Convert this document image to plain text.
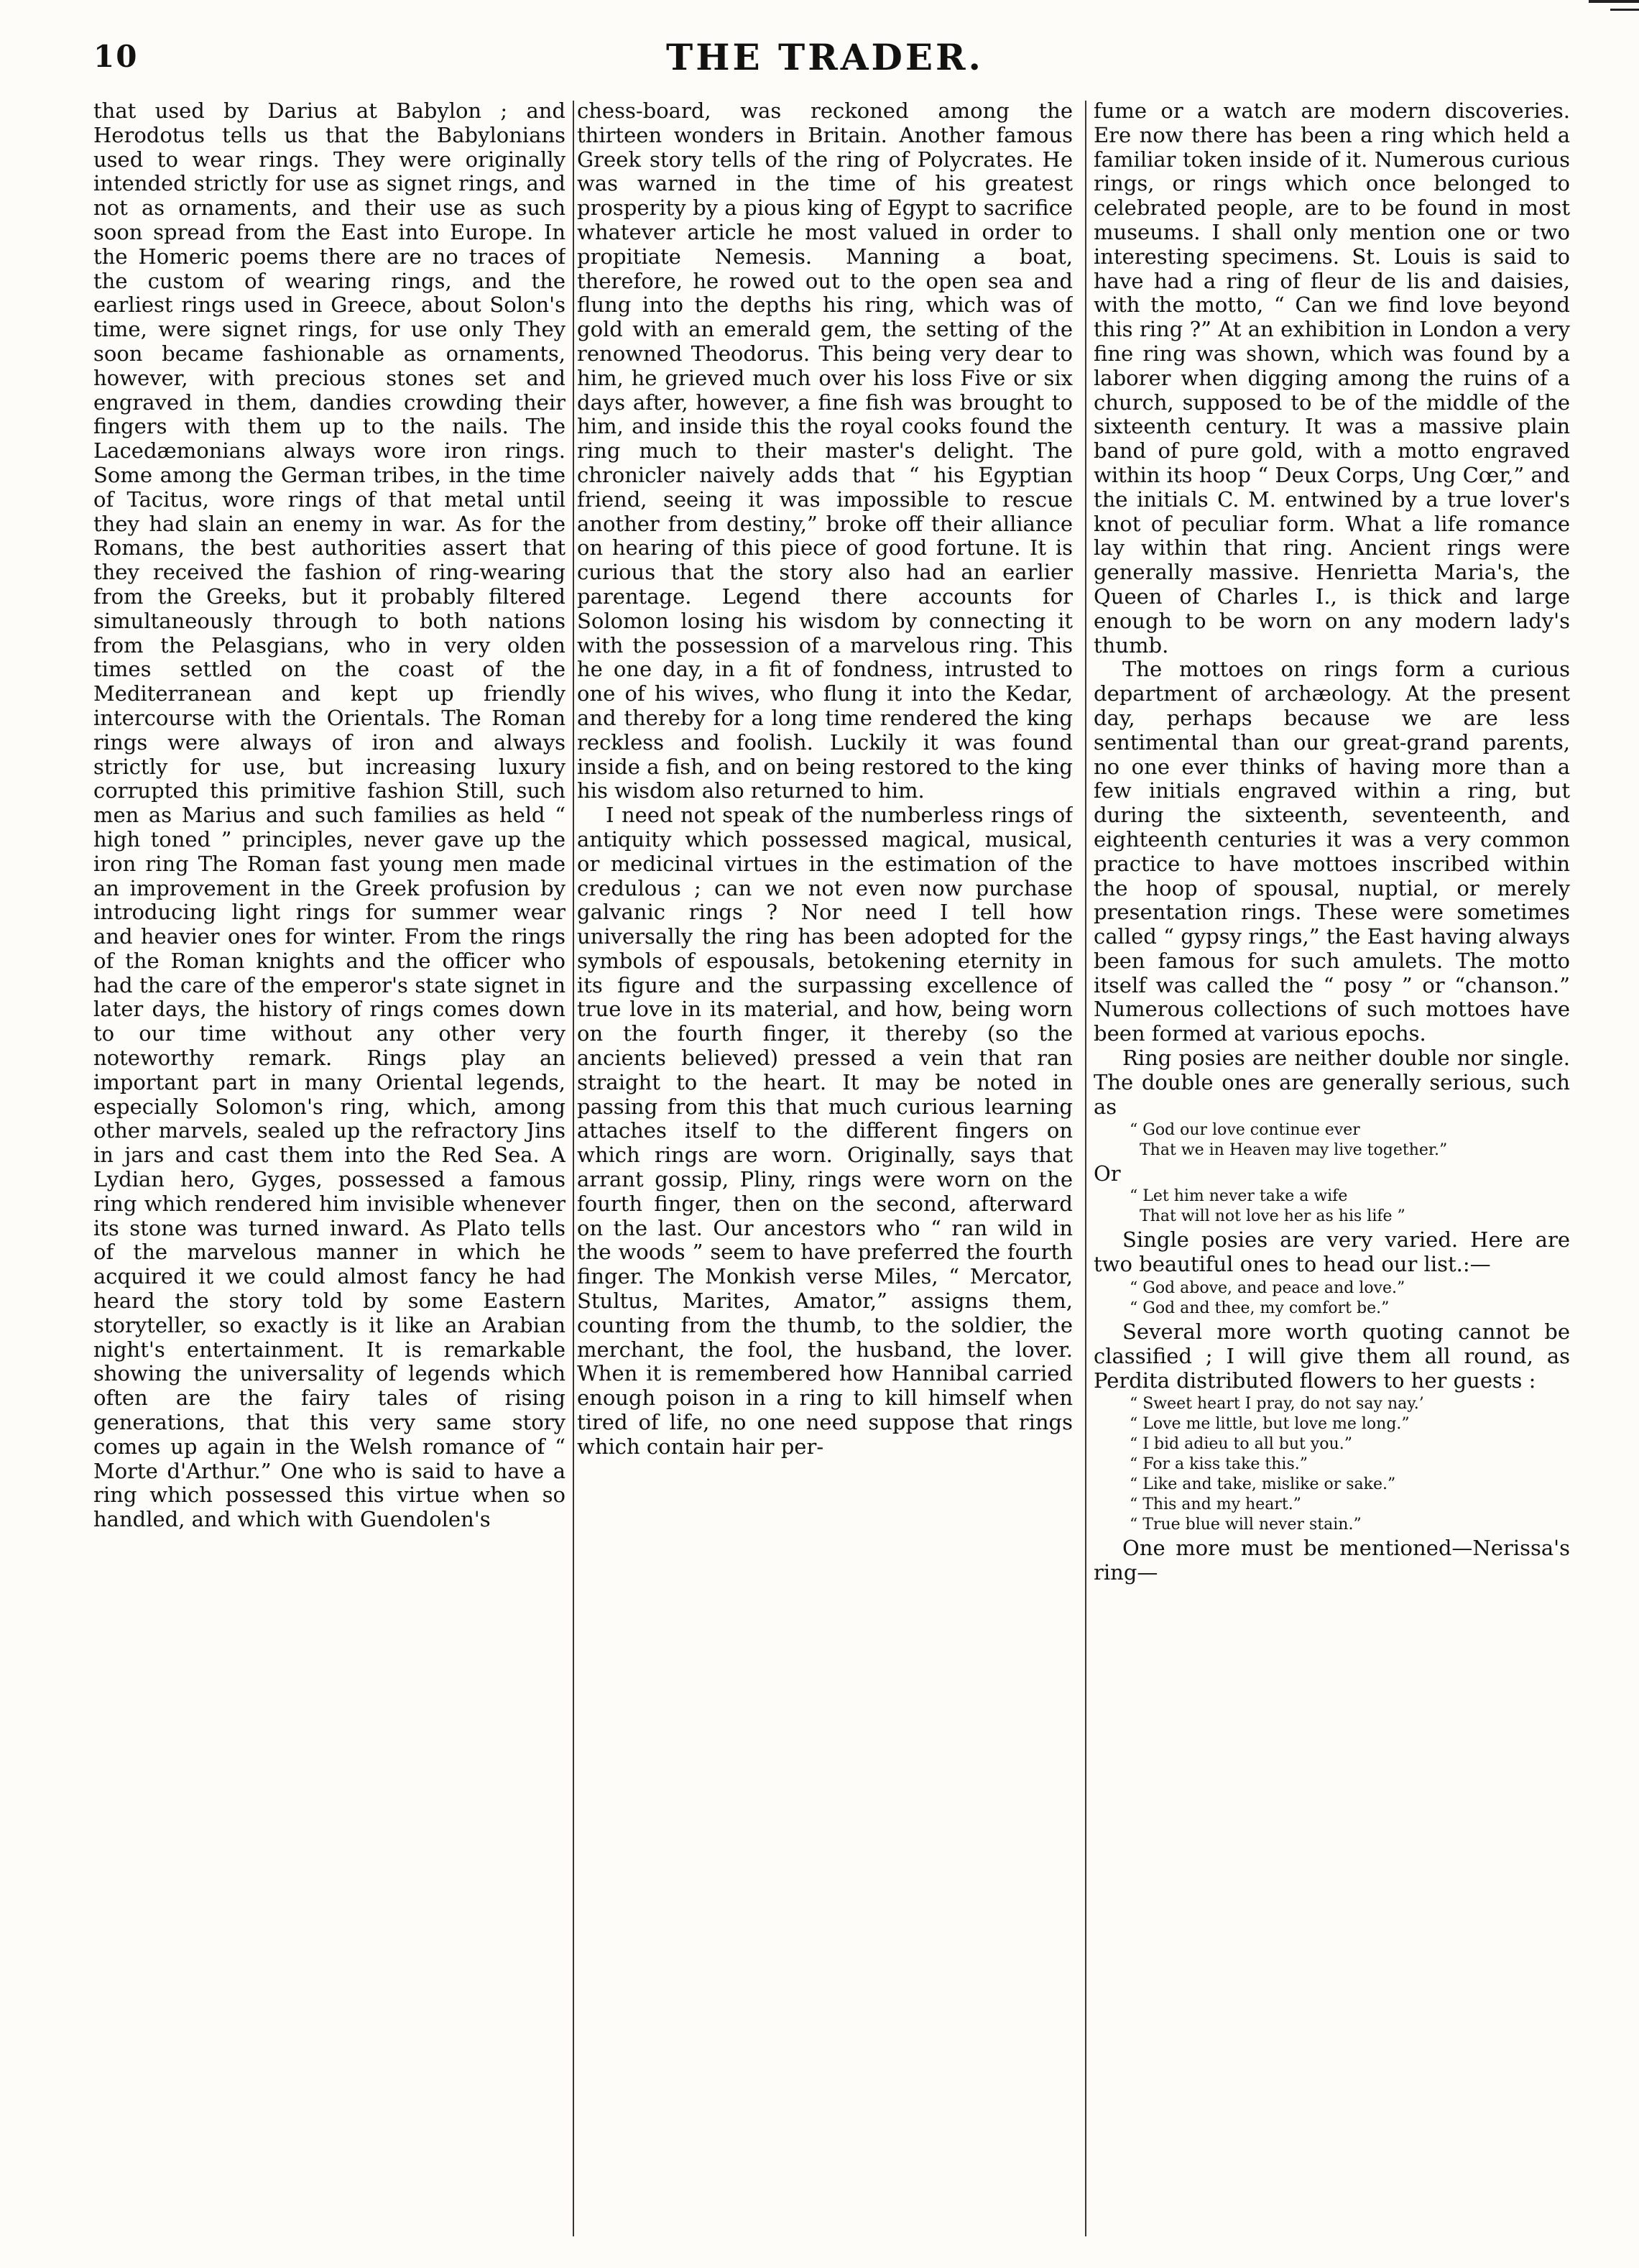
10	THE TRADER.

that used by Darius at Babylon ; and Herodotus tells us that the Babylonians used to wear rings. They were originally intended strictly for use as signet rings, and not as ornaments, and their use as such soon spread from the East into Europe. In the Homeric poems there are no traces of the custom of wearing rings, and the earliest rings used in Greece, about Solon's time, were signet rings, for use only They soon became fashionable as ornaments, however, with precious stones set and engraved in them, dandies crowding their fingers with them up to the nails. The Lacedæmonians always wore iron rings. Some among the German tribes, in the time of Tacitus, wore rings of that metal until they had slain an enemy in war. As for the Romans, the best authorities assert that they received the fashion of ring-wearing from the Greeks, but it probably filtered simultaneously through to both nations from the Pelasgians, who in very olden times settled on the coast of the Mediterranean and kept up friendly intercourse with the Orientals. The Roman rings were always of iron and always strictly for use, but increasing luxury corrupted this primitive fashion Still, such men as Marius and such families as held “ high toned ” principles, never gave up the iron ring The Roman fast young men made an improvement in the Greek profusion by introducing light rings for summer wear and heavier ones for winter. From the rings of the Roman knights and the officer who had the care of the emperor's state signet in later days, the history of rings comes down to our time without any other very noteworthy remark. Rings play an important part in many Oriental legends, especially Solomon's ring, which, among other marvels, sealed up the refractory Jins in jars and cast them into the Red Sea. A Lydian hero, Gyges, possessed a famous ring which rendered him invisible whenever its stone was turned inward. As Plato tells of the marvelous manner in which he acquired it we could almost fancy he had heard the story told by some Eastern storyteller, so exactly is it like an Arabian night's entertainment. It is remarkable showing the universality of legends which often are the fairy tales of rising generations, that this very same story comes up again in the Welsh romance of “ Morte d'Arthur.” One who is said to have a ring which possessed this virtue when so handled, and which with Guendolen's

chess-board, was reckoned among the thirteen wonders in Britain. Another famous Greek story tells of the ring of Polycrates. He was warned in the time of his greatest prosperity by a pious king of Egypt to sacrifice whatever article he most valued in order to propitiate Nemesis. Manning a boat, therefore, he rowed out to the open sea and flung into the depths his ring, which was of gold with an emerald gem, the setting of the renowned Theodorus. This being very dear to him, he grieved much over his loss Five or six days after, however, a fine fish was brought to him, and inside this the royal cooks found the ring much to their master's delight. The chronicler naively adds that “ his Egyptian friend, seeing it was impossible to rescue another from destiny,” broke off their alliance on hearing of this piece of good fortune. It is curious that the story also had an earlier parentage. Legend there accounts for Solomon losing his wisdom by connecting it with the possession of a marvelous ring. This he one day, in a fit of fondness, intrusted to one of his wives, who flung it into the Kedar, and thereby for a long time rendered the king reckless and foolish. Luckily it was found inside a fish, and on being restored to the king his wisdom also returned to him.

I need not speak of the numberless rings of antiquity which possessed magical, musical, or medicinal virtues in the estimation of the credulous ; can we not even now purchase galvanic rings ? Nor need I tell how universally the ring has been adopted for the symbols of espousals, betokening eternity in its figure and the surpassing excellence of true love in its material, and how, being worn on the fourth finger, it thereby (so the ancients believed) pressed a vein that ran straight to the heart. It may be noted in passing from this that much curious learning attaches itself to the different fingers on which rings are worn. Originally, says that arrant gossip, Pliny, rings were worn on the fourth finger, then on the second, afterward on the last. Our ancestors who “ ran wild in the woods ” seem to have preferred the fourth finger. The Monkish verse Miles, “ Mercator, Stultus, Marites, Amator,” assigns them, counting from the thumb, to the soldier, the merchant, the fool, the husband, the lover. When it is remembered how Hannibal carried enough poison in a ring to kill himself when tired of life, no one need suppose that rings which contain hair per-

fume or a watch are modern discoveries. Ere now there has been a ring which held a familiar token inside of it. Numerous curious rings, or rings which once belonged to celebrated people, are to be found in most museums. I shall only mention one or two interesting specimens. St. Louis is said to have had a ring of fleur de lis and daisies, with the motto, “ Can we find love beyond this ring ?” At an exhibition in London a very fine ring was shown, which was found by a laborer when digging among the ruins of a church, supposed to be of the middle of the sixteenth century. It was a massive plain band of pure gold, with a motto engraved within its hoop “ Deux Corps, Ung Cœr,” and the initials C. M. entwined by a true lover's knot of peculiar form. What a life romance lay within that ring. Ancient rings were generally massive. Henrietta Maria's, the Queen of Charles I., is thick and large enough to be worn on any modern lady's thumb.

The mottoes on rings form a curious department of archæology. At the present day, perhaps because we are less sentimental than our great-grand parents, no one ever thinks of having more than a few initials engraved within a ring, but during the sixteenth, seventeenth, and eighteenth centuries it was a very common practice to have mottoes inscribed within the hoop of spousal, nuptial, or merely presentation rings. These were sometimes called “ gypsy rings,” the East having always been famous for such amulets. The motto itself was called the “ posy ” or “chanson.” Numerous collections of such mottoes have been formed at various epochs.

Ring posies are neither double nor single. The double ones are generally serious, such as

“ God our love continue ever
That we in Heaven may live together.”

Or

“ Let him never take a wife
That will not love her as his life ”

Single posies are very varied. Here are two beautiful ones to head our list.:—

“ God above, and peace and love.”
“ God and thee, my comfort be.”

Several more worth quoting cannot be classified ; I will give them all round, as Perdita distributed flowers to her guests :

“ Sweet heart I pray, do not say nay.’
“ Love me little, but love me long.”
“ I bid adieu to all but you.”
“ For a kiss take this.”
“ Like and take, mislike or sake.”
“ This and my heart.”
“ True blue will never stain.”

One more must be mentioned—Nerissa's ring—
